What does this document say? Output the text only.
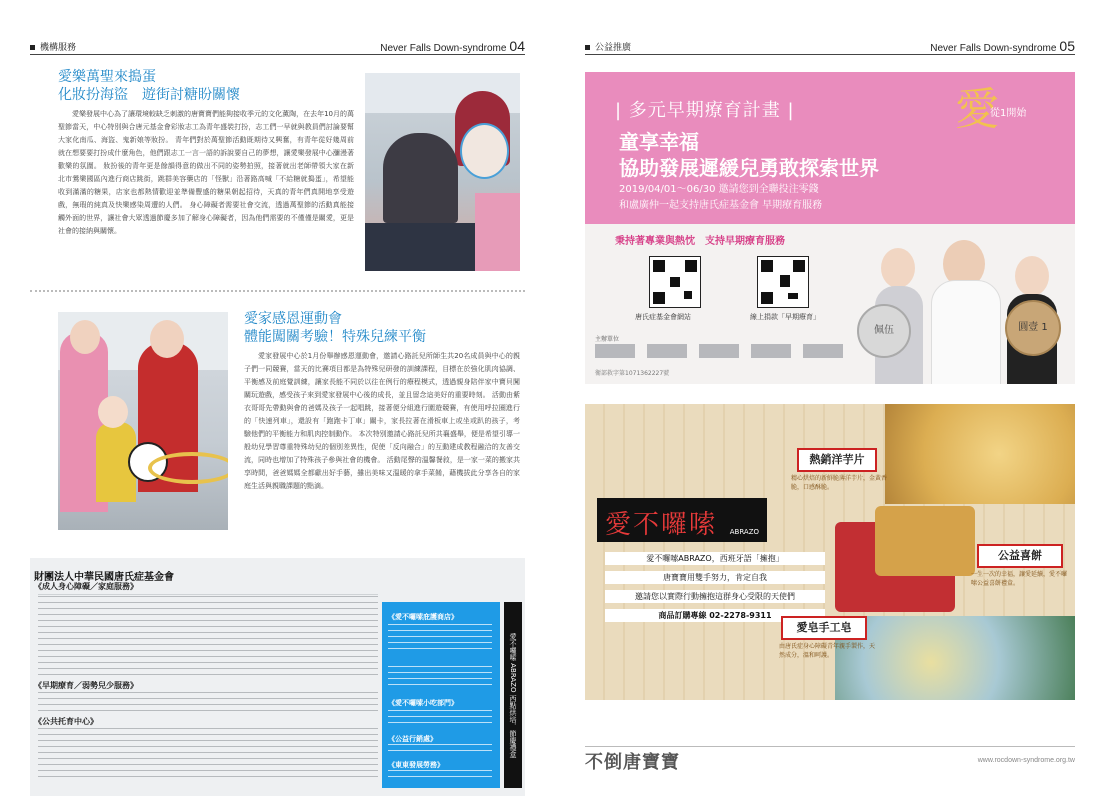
機構服務	Never Falls Down-syndrome 04
愛樂萬聖來搗蛋
化妝扮海盜　遊街討糖盼關懷
愛樂發展中心為了讓環境較缺乏刺激的唐寶寶們能夠接收季元的文化薰陶，在去年10月的萬聖節當天，中心特別與合唐元基金會彩妝志工為青年盛裝打扮，志工們一早就與教員們討論要幫大家化南瓜、海盜、鬼新娘等妝扮。 青年們對於萬聖節活動既期待又興奮，有青年從好幾周前就在想要要打扮成什麼角色，他們跟志工一言一語的訴說要自己的夢想，讓愛樂發展中心瀰漫著歡樂的氛圍。 妝扮後的青年更是餘韻得意的做出不同的姿勢拍照，接著就出老師帶領大家在新北市鶯樂國區內進行商店跳街，跳群美容藥店的「怪獸」沿著路高喊「不給糖就搗蛋」，希望能收到滿滿的糖果，店家也都熱情歡迎並準備豐盛的糖果朝起招待，天真的青年們真開地享受遊戲，無瑕的純真及快樂感染周遭的人們。 身心障礙者需要社會交流，透過萬聖節的活動真能接觸外面的世界，讓社會大眾透過節慶多加了解身心障礙者，因為他們需要的不僅僅是關愛，更是社會的接納與關懷。
愛家感恩運動會
體能闖關考驗！特殊兒練平衡
愛家發展中心於1月份舉辦感恩運動會，邀請心路託兒所師生共20名成員與中心的親子們一同競賽，當天的比賽項目都是為特殊兒研發的訓練課程，目標在於強化肌肉協調、平衡感及前庭覺訓練，讓家長能不同於以往在例行的療程模式，透過親身陪伴家中寶貝闖關玩遊戲，感受孩子來到愛家發展中心後的成長，並且留念這美好的重要時刻。 活動由紫衣哥哥先帶動與會的爸媽及孩子一起唱跳，接著便分組進行圍遊競賽，有使用呼拉圈進行的「快速列車」，還設有「跑跑卡丁車」關卡，家長拉著在滑板車上或坐或趴的孩子，考驗他們的平衡能力和肌肉控制動作。 本次特別邀請心路託兒所共襄盛舉，便是希望引導一般幼兒學習尊重特殊幼兒的個別差異性，促使「反向融合」的互動建成教程融洽的友善交流，同時也增加了特殊孩子參與社會的機會。 活動尾聲的溫馨餐敘，是一家一菜的搬家共享時間，爸爸媽媽全都獻出好手藝，雖出美味又溫暖的拿手菜餚，藉機拔此分享各自的家庭生活與親職課題的點滴。
財團法人中華民國唐氏症基金會
《成人身心障礙／家庭服務》
《早期療育／弱勢兒少服務》
《公共托育中心》
《愛不囉嗦庇護商店》
《愛不囉嗦小吃部門》
《公益行銷處》
《東東發展勞務》
愛不囉嗦 ABRAZO 西點烘培．節慶禮盒
公益推廣	Never Falls Down-syndrome 05
| 多元早期療育計畫 |
童享幸福
協助發展遲緩兒勇敢探索世界
2019/04/01～06/30 邀請您到全聯投注零錢
和盧廣仲一起支持唐氏症基金會 早期療育服務
愛
從1開始
秉持著專業與熱忱　支持早期療育服務
唐氏症基金會網站	線上捐款「早期療育」
主辦單位
衛部救字第1071362227號
佩伍	圓壹 1
愛不囉嗦 ABRAZO
愛不囉嗦ABRAZO，西班牙語「擁抱」
唐寶寶用雙手努力，肯定自我
邀請您以實際行動擁抱這群身心受限的天使們
商品訂購專線 02-2278-9311
熱銷洋芋片
精心烘焙的新鮮脆薄洋芋片，金黃香脆，口感酥脆。
公益喜餅
一生一次的幸福，讓愛延續，愛不囉嗦公益喜餅禮盒。
愛皂手工皂
由唐氏症身心障礙青年親手製作，天然成分，溫和呵護。
不倒唐寶寶	www.rocdown-syndrome.org.tw
